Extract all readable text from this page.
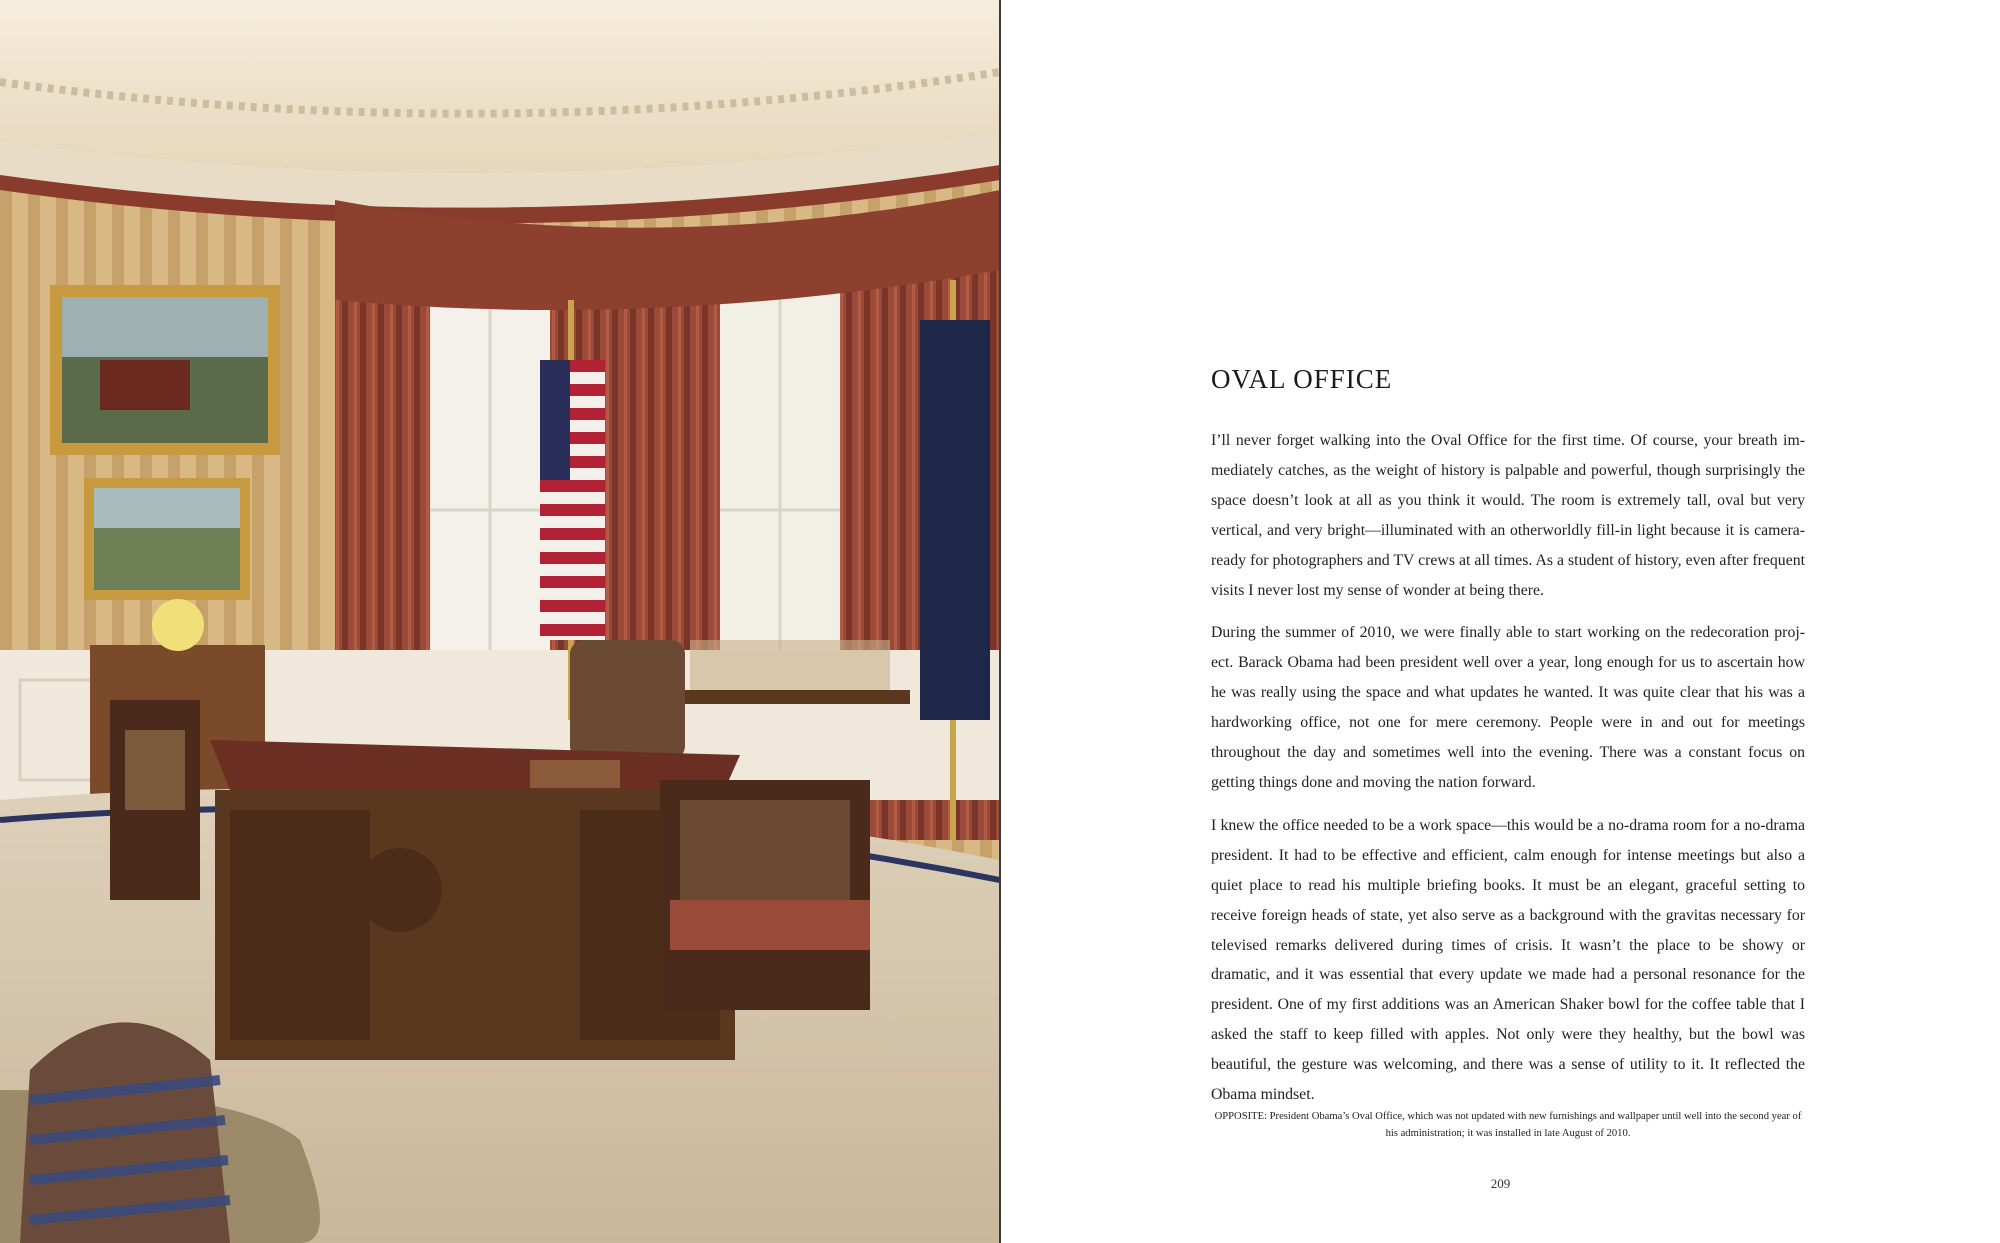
OVAL OFFICE

I’ll never forget walking into the Oval Office for the first time. Of course, your breath im-mediately catches, as the weight of history is palpable and powerful, though surprisingly the space doesn’t look at all as you think it would. The room is extremely tall, oval but very vertical, and very bright—illuminated with an otherworldly fill-in light because it is camera-ready for photographers and TV crews at all times. As a student of history, even after frequent visits I never lost my sense of wonder at being there.

During the summer of 2010, we were finally able to start working on the redecoration proj-ect. Barack Obama had been president well over a year, long enough for us to ascertain how he was really using the space and what updates he wanted. It was quite clear that his was a hardworking office, not one for mere ceremony. People were in and out for meetings throughout the day and sometimes well into the evening. There was a constant focus on getting things done and moving the nation forward.

I knew the office needed to be a work space—this would be a no-drama room for a no-drama president. It had to be effective and efficient, calm enough for intense meetings but also a quiet place to read his multiple briefing books. It must be an elegant, graceful setting to receive foreign heads of state, yet also serve as a background with the gravitas necessary for televised remarks delivered during times of crisis. It wasn’t the place to be showy or dramatic, and it was essential that every update we made had a personal resonance for the president. One of my first additions was an American Shaker bowl for the coffee table that I asked the staff to keep filled with apples. Not only were they healthy, but the bowl was beautiful, the gesture was welcoming, and there was a sense of utility to it. It reflected the Obama mindset.

OPPOSITE: President Obama’s Oval Office, which was not updated with new furnishings and wallpaper until well into the second year of his administration; it was installed in late August of 2010.
209
